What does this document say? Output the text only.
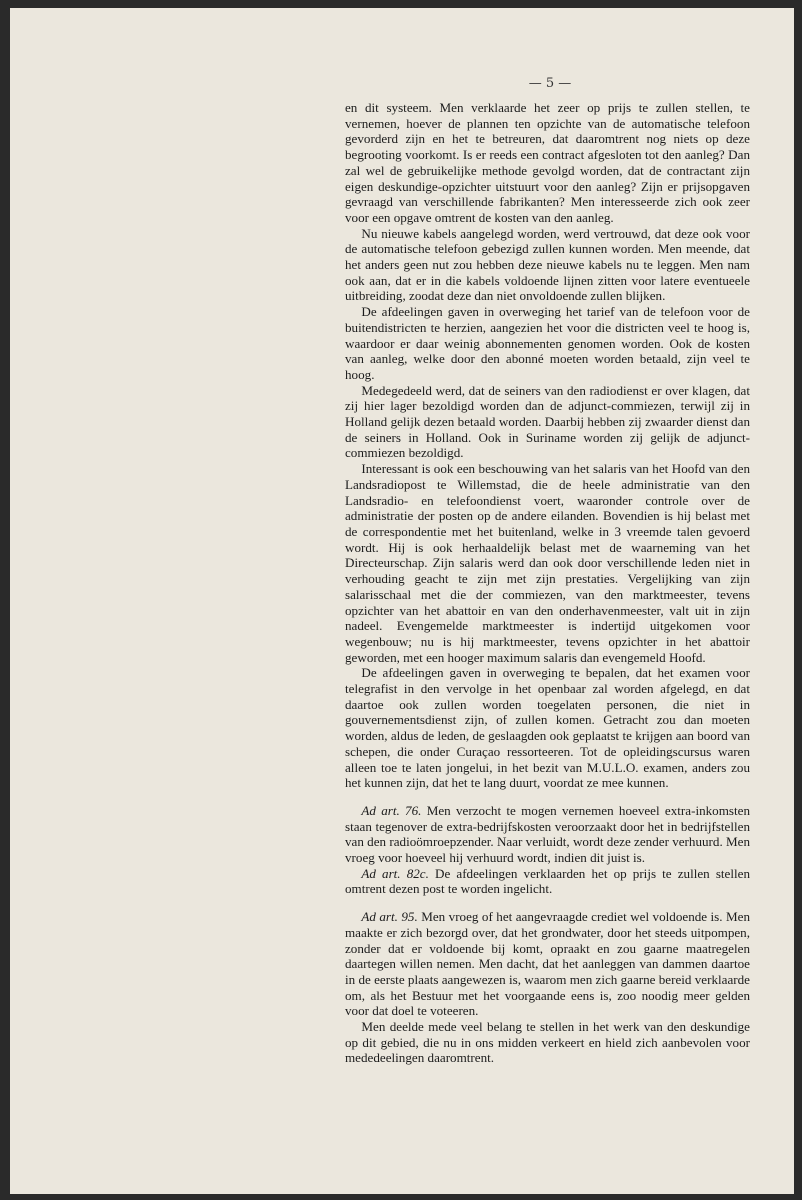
— 5 —

en dit systeem. Men verklaarde het zeer op prijs te zullen stellen, te vernemen, hoever de plannen ten opzichte van de automatische telefoon gevorderd zijn en het te betreuren, dat daaromtrent nog niets op deze begrooting voorkomt. Is er reeds een contract afgesloten tot den aanleg? Dan zal wel de gebruikelijke methode gevolgd worden, dat de contractant zijn eigen deskundige-opzichter uitstuurt voor den aanleg? Zijn er prijsopgaven gevraagd van verschillende fabrikanten? Men interesseerde zich ook zeer voor een opgave omtrent de kosten van den aanleg.

Nu nieuwe kabels aangelegd worden, werd vertrouwd, dat deze ook voor de automatische telefoon gebezigd zullen kunnen worden. Men meende, dat het anders geen nut zou hebben deze nieuwe kabels nu te leggen. Men nam ook aan, dat er in die kabels voldoende lijnen zitten voor latere eventueele uitbreiding, zoodat deze dan niet onvoldoende zullen blijken.

De afdeelingen gaven in overweging het tarief van de telefoon voor de buitendistricten te herzien, aangezien het voor die districten veel te hoog is, waardoor er daar weinig abonnementen genomen worden. Ook de kosten van aanleg, welke door den abonné moeten worden betaald, zijn veel te hoog.

Medegedeeld werd, dat de seiners van den radiodienst er over klagen, dat zij hier lager bezoldigd worden dan de adjunct-commiezen, terwijl zij in Holland gelijk dezen betaald worden. Daarbij hebben zij zwaarder dienst dan de seiners in Holland. Ook in Suriname worden zij gelijk de adjunct-commiezen bezoldigd.

Interessant is ook een beschouwing van het salaris van het Hoofd van den Landsradiopost te Willemstad, die de heele administratie van den Landsradio- en telefoondienst voert, waaronder controle over de administratie der posten op de andere eilanden. Bovendien is hij belast met de correspondentie met het buitenland, welke in 3 vreemde talen gevoerd wordt. Hij is ook herhaaldelijk belast met de waarneming van het Directeurschap. Zijn salaris werd dan ook door verschillende leden niet in verhouding geacht te zijn met zijn prestaties. Vergelijking van zijn salarisschaal met die der commiezen, van den marktmeester, tevens opzichter van het abattoir en van den onderhavenmeester, valt uit in zijn nadeel. Evengemelde marktmeester is indertijd uitgekomen voor wegenbouw; nu is hij marktmeester, tevens opzichter in het abattoir geworden, met een hooger maximum salaris dan evengemeld Hoofd.

De afdeelingen gaven in overweging te bepalen, dat het examen voor telegrafist in den vervolge in het openbaar zal worden afgelegd, en dat daartoe ook zullen worden toegelaten personen, die niet in gouvernementsdienst zijn, of zullen komen. Getracht zou dan moeten worden, aldus de leden, de geslaagden ook geplaatst te krijgen aan boord van schepen, die onder Curaçao ressorteeren. Tot de opleidingscursus waren alleen toe te laten jongelui, in het bezit van M.U.L.O. examen, anders zou het kunnen zijn, dat het te lang duurt, voordat ze mee kunnen.

Ad art. 76. Men verzocht te mogen vernemen hoeveel extra-inkomsten staan tegenover de extra-bedrijfskosten veroorzaakt door het in bedrijfstellen van den radioömroepzender. Naar verluidt, wordt deze zender verhuurd. Men vroeg voor hoeveel hij verhuurd wordt, indien dit juist is.

Ad art. 82c. De afdeelingen verklaarden het op prijs te zullen stellen omtrent dezen post te worden ingelicht.

Ad art. 95. Men vroeg of het aangevraagde crediet wel voldoende is. Men maakte er zich bezorgd over, dat het grondwater, door het steeds uitpompen, zonder dat er voldoende bij komt, opraakt en zou gaarne maatregelen daartegen willen nemen. Men dacht, dat het aanleggen van dammen daartoe in de eerste plaats aangewezen is, waarom men zich gaarne bereid verklaarde om, als het Bestuur met het voorgaande eens is, zoo noodig meer gelden voor dat doel te voteeren.

Men deelde mede veel belang te stellen in het werk van den deskundige op dit gebied, die nu in ons midden verkeert en hield zich aanbevolen voor mededeelingen daaromtrent.
